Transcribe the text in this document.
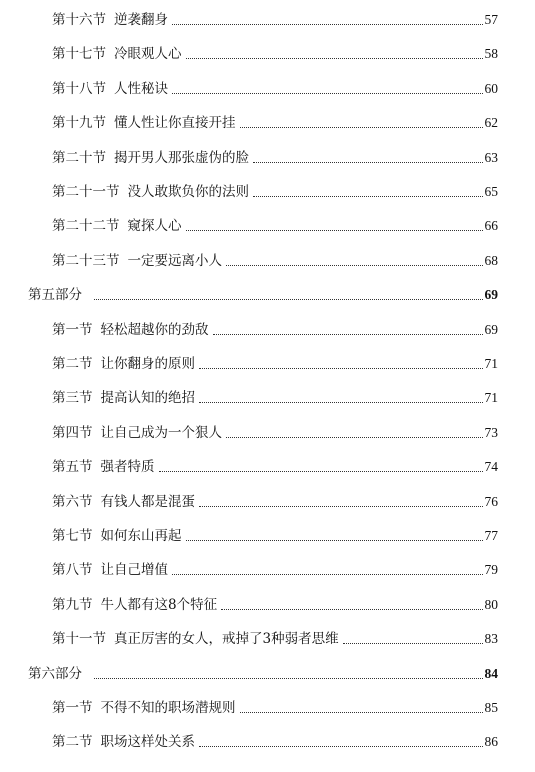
第十六节 逆袭翻身	57
第十七节 冷眼观人心	58
第十八节 人性秘诀	60
第十九节 懂人性让你直接开挂	62
第二十节 揭开男人那张虚伪的脸	63
第二十一节 没人敢欺负你的法则	65
第二十二节 窥探人心	66
第二十三节 一定要远离小人	68
第五部分	69
第一节 轻松超越你的劲敌	69
第二节 让你翻身的原则	71
第三节 提高认知的绝招	71
第四节 让自己成为一个狠人	73
第五节 强者特质	74
第六节 有钱人都是混蛋	76
第七节 如何东山再起	77
第八节 让自己增值	79
第九节 牛人都有这8个特征	80
第十一节 真正厉害的女人，戒掉了3种弱者思维	83
第六部分	84
第一节 不得不知的职场潜规则	85
第二节 职场这样处关系	86
